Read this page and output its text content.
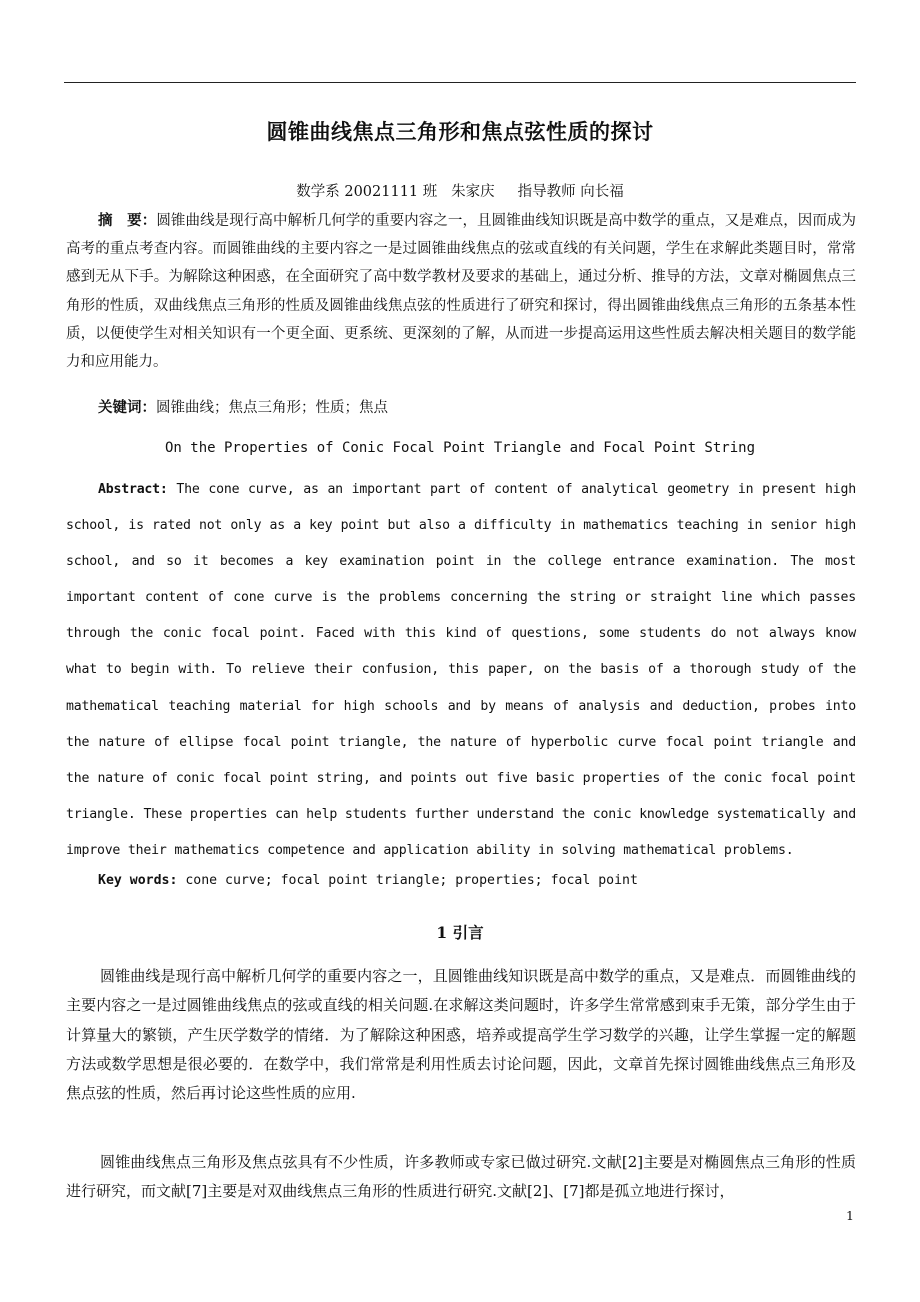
圆锥曲线焦点三角形和焦点弦性质的探讨
数学系 20021111 班   朱家庆     指导教师 向长福
摘　要：圆锥曲线是现行高中解析几何学的重要内容之一，且圆锥曲线知识既是高中数学的重点，又是难点，因而成为高考的重点考查内容。而圆锥曲线的主要内容之一是过圆锥曲线焦点的弦或直线的有关问题，学生在求解此类题目时，常常感到无从下手。为解除这种困惑，在全面研究了高中数学教材及要求的基础上，通过分析、推导的方法，文章对椭圆焦点三角形的性质，双曲线焦点三角形的性质及圆锥曲线焦点弦的性质进行了研究和探讨，得出圆锥曲线焦点三角形的五条基本性质，以便使学生对相关知识有一个更全面、更系统、更深刻的了解，从而进一步提高运用这些性质去解决相关题目的数学能力和应用能力。
关键词：圆锥曲线；焦点三角形；性质；焦点
On the Properties of Conic Focal Point Triangle and Focal Point String
Abstract: The cone curve, as an important part of content of analytical geometry in present high school, is rated not only as a key point but also a difficulty in mathematics teaching in senior high school, and so it becomes a key examination point in the college entrance examination. The most important content of cone curve is the problems concerning the string or straight line which passes through the conic focal point. Faced with this kind of questions, some students do not always know what to begin with. To relieve their confusion, this paper, on the basis of a thorough study of the mathematical teaching material for high schools and by means of analysis and deduction, probes into the nature of ellipse focal point triangle, the nature of hyperbolic curve focal point triangle and the nature of conic focal point string, and points out five basic properties of the conic focal point triangle. These properties can help students further understand the conic knowledge systematically and improve their mathematics competence and application ability in solving mathematical problems.
Key words: cone curve; focal point triangle; properties; focal point
1 引言
圆锥曲线是现行高中解析几何学的重要内容之一，且圆锥曲线知识既是高中数学的重点，又是难点．而圆锥曲线的主要内容之一是过圆锥曲线焦点的弦或直线的相关问题.在求解这类问题时，许多学生常常感到束手无策，部分学生由于计算量大的繁锁，产生厌学数学的情绪．为了解除这种困惑，培养或提高学生学习数学的兴趣，让学生掌握一定的解题方法或数学思想是很必要的．在数学中，我们常常是利用性质去讨论问题，因此，文章首先探讨圆锥曲线焦点三角形及焦点弦的性质，然后再讨论这些性质的应用.
圆锥曲线焦点三角形及焦点弦具有不少性质，许多教师或专家已做过研究.文献[2]主要是对椭圆焦点三角形的性质进行研究，而文献[7]主要是对双曲线焦点三角形的性质进行研究.文献[2]、[7]都是孤立地进行探讨，
1
